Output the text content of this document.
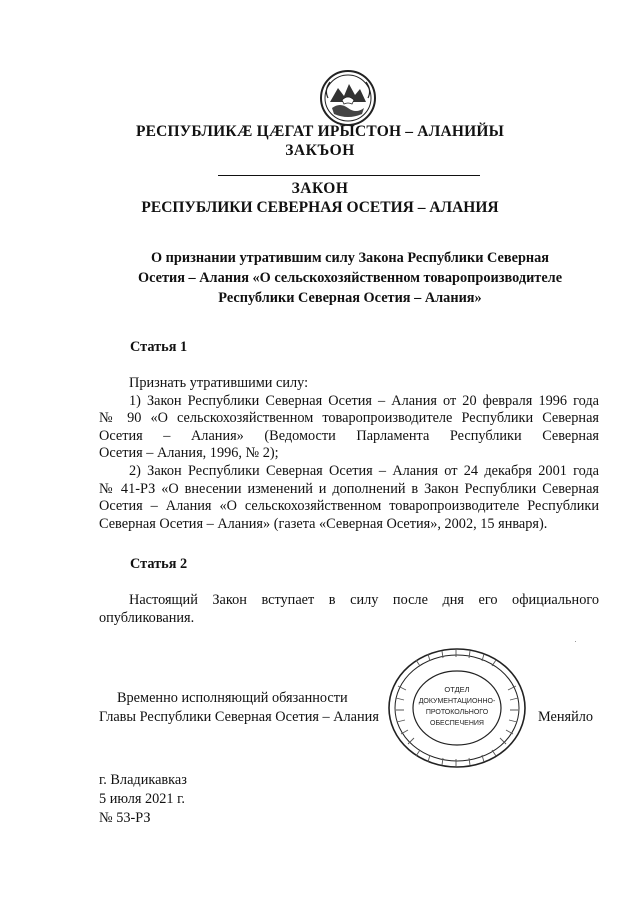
РЕСПУБЛИКÆ ЦÆГАТ ИРЫСТОН – АЛАНИЙЫ
ЗАКЪОН
ЗАКОН
РЕСПУБЛИКИ СЕВЕРНАЯ ОСЕТИЯ – АЛАНИЯ
О признании утратившим силу Закона Республики Северная
Осетия – Алания «О сельскохозяйственном товаропроизводителе
Республики Северная Осетия – Алания»
Статья 1
Признать утратившими силу:
1) Закон Республики Северная Осетия – Алания от 20 февраля 1996 года
№ 90 «О сельскохозяйственном товаропроизводителе Республики Северная
Осетия – Алания» (Ведомости Парламента Республики Северная
Осетия – Алания, 1996, № 2);
2) Закон Республики Северная Осетия – Алания от 24 декабря 2001 года
№ 41-РЗ «О внесении изменений и дополнений в Закон Республики Северная
Осетия – Алания «О сельскохозяйственном товаропроизводителе Республики
Северная Осетия – Алания» (газета «Северная Осетия», 2002, 15 января).
Статья 2
Настоящий Закон вступает в силу после дня его официального
опубликования.
Временно исполняющий обязанности
Главы Республики Северная Осетия – Алания
ОТДЕЛ
ДОКУМЕНТАЦИОННО-
ПРОТОКОЛЬНОГО
ОБЕСПЕЧЕНИЯ	Меняйло
г. Владикавказ
5 июля 2021 г.
№ 53-РЗ
